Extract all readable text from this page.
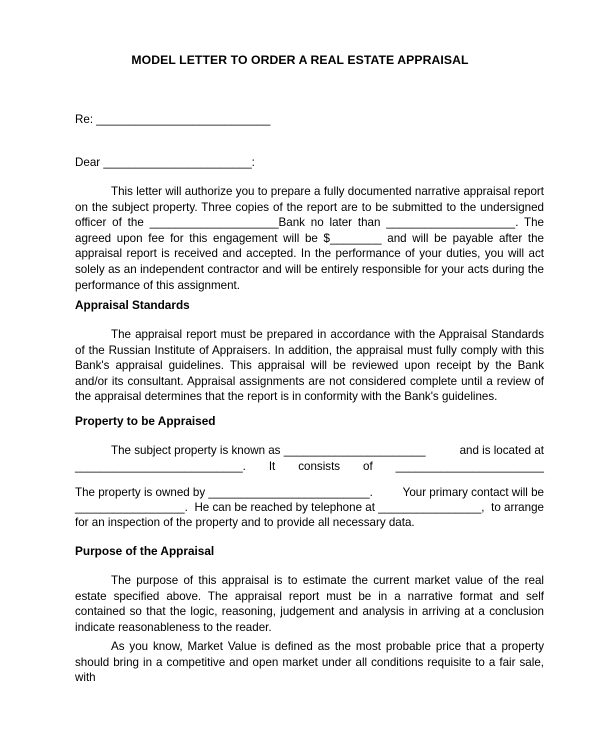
MODEL LETTER TO ORDER A REAL ESTATE APPRAISAL
Re: ___________________________
Dear _______________________:

This letter will authorize you to prepare a fully documented narrative appraisal report on the subject property. Three copies of the report are to be submitted to the undersigned officer of the ____________________Bank no later than ____________________. The agreed upon fee for this engagement will be $________ and will be payable after the appraisal report is received and accepted. In the performance of your duties, you will act solely as an independent contractor and will be entirely responsible for your acts during the performance of this assignment.

Appraisal Standards

The appraisal report must be prepared in accordance with the Appraisal Standards of the Russian Institute of Appraisers. In addition, the appraisal must fully comply with this Bank's appraisal guidelines. This appraisal will be reviewed upon receipt by the Bank and/or its consultant. Appraisal assignments are not considered complete until a review of the appraisal determines that the report is in conformity with the Bank's guidelines.

Property to be Appraised
The subject property is known as ______________________	and is located at
__________________________. It consists of _______________________
The property is owned by _________________________.	Your primary contact will be
_________________. He can be reached by telephone at ________________, to arrange
for an inspection of the property and to provide all necessary data.
Purpose of the Appraisal

The purpose of this appraisal is to estimate the current market value of the real estate specified above. The appraisal report must be in a narrative format and self contained so that the logic, reasoning, judgement and analysis in arriving at a conclusion indicate reasonableness to the reader.

As you know, Market Value is defined as the most probable price that a property should bring in a competitive and open market under all conditions requisite to a fair sale, with
